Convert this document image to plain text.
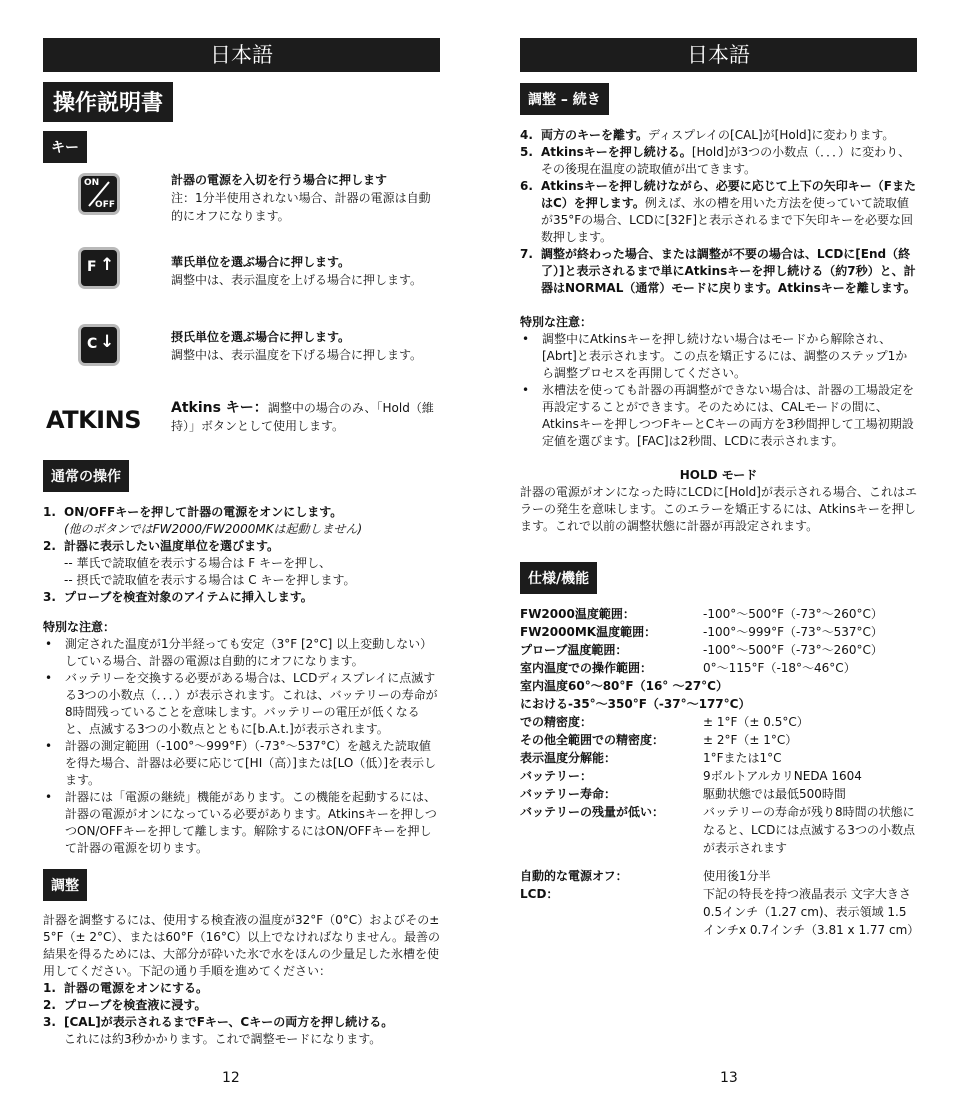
日本語
操作説明書
キー
ON
OFF
計器の電源を入切を行う場合に押します
注：1分半使用されない場合、計器の電源は自動的にオフになります。
F ↑	華氏単位を選ぶ場合に押します。
調整中は、表示温度を上げる場合に押します。
C ↓	摂氏単位を選ぶ場合に押します。
調整中は、表示温度を下げる場合に押します。
ATKINS Atkins キー：調整中の場合のみ、「Hold（維持）」ボタンとして使用します。
通常の操作
1. ON/OFFキーを押して計器の電源をオンにします。
(他のボタンではFW2000/FW2000MKは起動しません)
2. 計器に表示したい温度単位を選びます。
-- 華氏で読取値を表示する場合は F キーを押し、
-- 摂氏で読取値を表示する場合は C キーを押します。
3. プローブを検査対象のアイテムに挿入します。
特別な注意：
• 測定された温度が1分半経っても安定（3°F [2°C] 以上変動しない）している場合、計器の電源は自動的にオフになります。
• バッテリーを交換する必要がある場合は、LCDディスプレイに点滅する3つの小数点（．．．）が表示されます。これは、バッテリーの寿命が8時間残っていることを意味します。バッテリーの電圧が低くなると、点滅する3つの小数点とともに[b.A.t.]が表示されます。
• 計器の測定範囲（-100°～999°F）（-73°～537°C）を越えた読取値を得た場合、計器は必要に応じて[HI（高）]または[LO（低）]を表示します。
• 計器には「電源の継続」機能があります。この機能を起動するには、計器の電源がオンになっている必要があります。Atkinsキーを押しつつON/OFFキーを押して離します。解除するにはON/OFFキーを押して計器の電源を切ります。
調整

計器を調整するには、使用する検査液の温度が32°F（0°C）およびその± 5°F（± 2°C）、または60°F（16°C）以上でなければなりません。最善の結果を得るためには、大部分が砕いた氷で水をほんの少量足した氷槽を使用してください。下記の通り手順を進めてください：

1. 計器の電源をオンにする。
2. プローブを検査液に浸す。
3. [CAL]が表示されるまでFキー、Cキーの両方を押し続ける。
これには約3秒かかります。これで調整モードになります。
12
日本語
調整 – 続き
4. 両方のキーを離す。ディスプレイの[CAL]が[Hold]に変わります。
5. Atkinsキーを押し続ける。[Hold]が3つの小数点（．．．）に変わり、その後現在温度の読取値が出てきます。
6. Atkinsキーを押し続けながら、必要に応じて上下の矢印キー（FまたはC）を押します。例えば、氷の槽を用いた方法を使っていて読取値が35°Fの場合、LCDに[32F]と表示されるまで下矢印キーを必要な回数押します。
7. 調整が終わった場合、または調整が不要の場合は、LCDに[End（終了）]と表示されるまで単にAtkinsキーを押し続ける（約7秒）と、計器はNORMAL（通常）モードに戻ります。Atkinsキーを離します。
特別な注意：
• 調整中にAtkinsキーを押し続けない場合はモードから解除され、[Abrt]と表示されます。この点を矯正するには、調整のステップ1から調整プロセスを再開してください。
• 氷槽法を使っても計器の再調整ができない場合は、計器の工場設定を再設定することができます。そのためには、CALモードの間に、Atkinsキーを押しつつFキーとCキーの両方を3秒間押して工場初期設定値を選びます。[FAC]は2秒間、LCDに表示されます。
HOLD モード

計器の電源がオンになった時にLCDに[Hold]が表示される場合、これはエラーの発生を意味します。このエラーを矯正するには、Atkinsキーを押します。これで以前の調整状態に計器が再設定されます。

仕様/機能
FW2000温度範囲：	-100°～500°F（-73°～260°C）
FW2000MK温度範囲：	-100°～999°F（-73°～537°C）
プローブ温度範囲：	-100°～500°F（-73°～260°C）
室内温度での操作範囲：	0°～115°F（-18°～46°C）
室内温度60°～80°F（16° ～27°C）
における-35°～350°F（-37°～177°C）
での精密度：	± 1°F（± 0.5°C）
その他全範囲での精密度：	± 2°F（± 1°C）
表示温度分解能：	1°Fまたは1°C
バッテリー：	9ボルトアルカリNEDA 1604
バッテリー寿命：	駆動状態では最低500時間
バッテリーの残量が低い：	バッテリーの寿命が残り8時間の状態になると、LCDには点滅する3つの小数点が表示されます
自動的な電源オフ：	使用後1分半
LCD：	下記の特長を持つ液晶表示 文字大きさ 0.5インチ（1.27 cm)、表示領域 1.5インチx 0.7インチ（3.81 x 1.77 cm）
13
